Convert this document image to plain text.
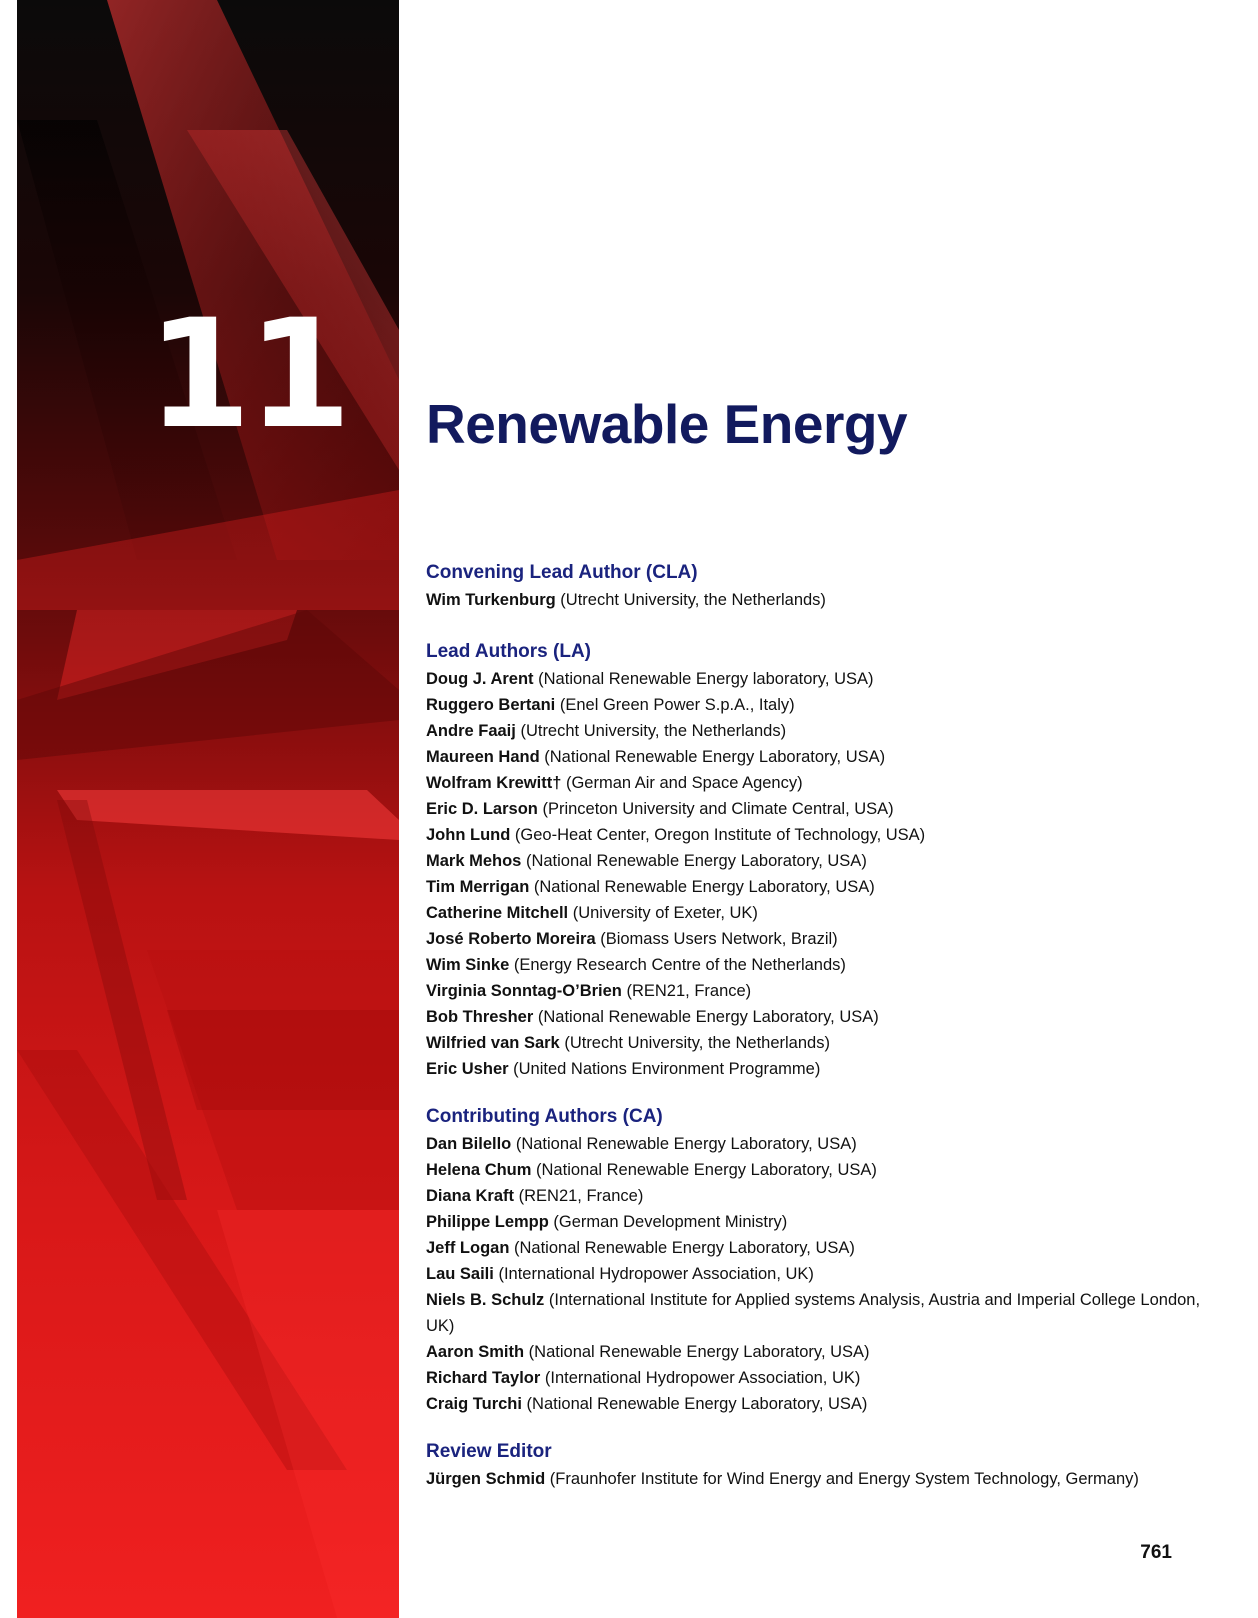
11 Renewable Energy
Convening Lead Author (CLA)

Wim Turkenburg (Utrecht University, the Netherlands)

Lead Authors (LA)

Doug J. Arent (National Renewable Energy laboratory, USA)

Ruggero Bertani (Enel Green Power S.p.A., Italy)

Andre Faaij (Utrecht University, the Netherlands)

Maureen Hand (National Renewable Energy Laboratory, USA)

Wolfram Krewitt† (German Air and Space Agency)

Eric D. Larson (Princeton University and Climate Central, USA)

John Lund (Geo-Heat Center, Oregon Institute of Technology, USA)

Mark Mehos (National Renewable Energy Laboratory, USA)

Tim Merrigan (National Renewable Energy Laboratory, USA)

Catherine Mitchell (University of Exeter, UK)

José Roberto Moreira (Biomass Users Network, Brazil)

Wim Sinke (Energy Research Centre of the Netherlands)

Virginia Sonntag-O’Brien (REN21, France)

Bob Thresher (National Renewable Energy Laboratory, USA)

Wilfried van Sark (Utrecht University, the Netherlands)

Eric Usher (United Nations Environment Programme)

Contributing Authors (CA)

Dan Bilello (National Renewable Energy Laboratory, USA)

Helena Chum (National Renewable Energy Laboratory, USA)

Diana Kraft (REN21, France)

Philippe Lempp (German Development Ministry)

Jeff Logan (National Renewable Energy Laboratory, USA)

Lau Saili (International Hydropower Association, UK)

Niels B. Schulz (International Institute for Applied systems Analysis, Austria and Imperial College London, UK)

Aaron Smith (National Renewable Energy Laboratory, USA)

Richard Taylor (International Hydropower Association, UK)

Craig Turchi (National Renewable Energy Laboratory, USA)

Review Editor

Jürgen Schmid (Fraunhofer Institute for Wind Energy and Energy System Technology, Germany)

761
